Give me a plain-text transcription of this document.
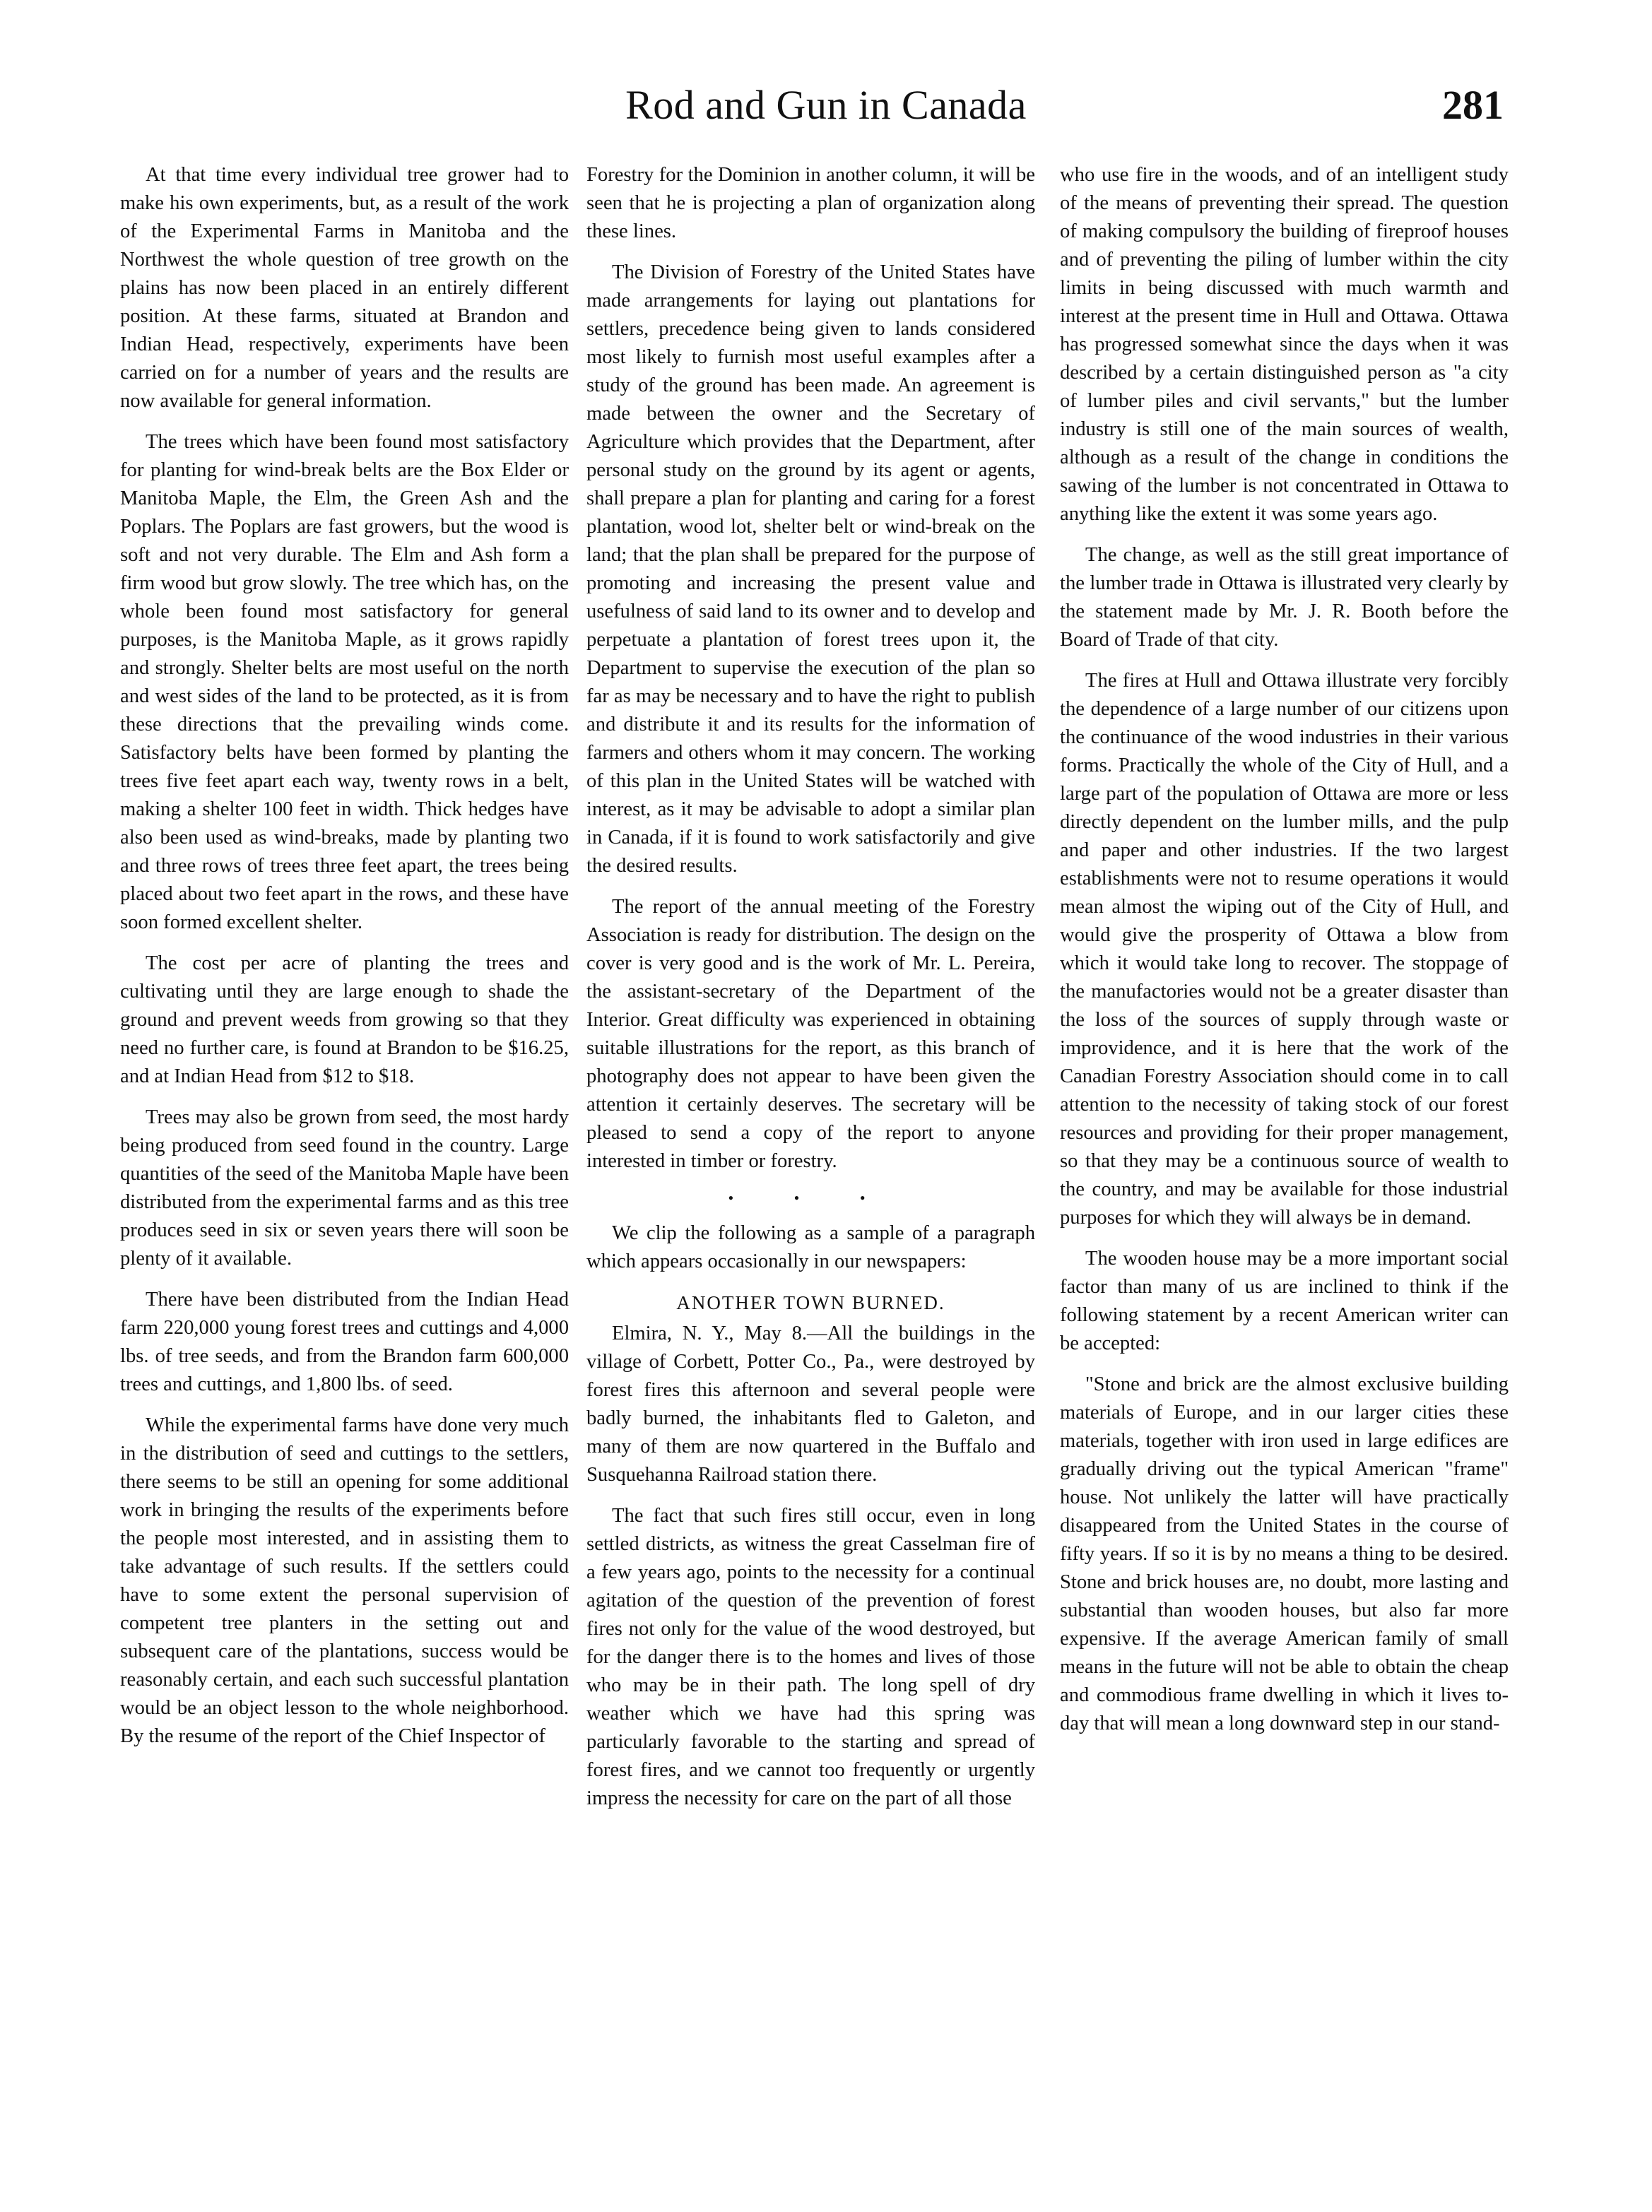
Rod and Gun in Canada	281

At that time every individual tree grower had to make his own experiments, but, as a result of the work of the Experimental Farms in Manitoba and the Northwest the whole question of tree growth on the plains has now been placed in an entirely different position. At these farms, situated at Brandon and Indian Head, respectively, experiments have been carried on for a number of years and the results are now available for general information.

The trees which have been found most satisfactory for planting for wind-break belts are the Box Elder or Manitoba Maple, the Elm, the Green Ash and the Poplars. The Poplars are fast growers, but the wood is soft and not very durable. The Elm and Ash form a firm wood but grow slowly. The tree which has, on the whole been found most satisfactory for general purposes, is the Manitoba Maple, as it grows rapidly and strongly. Shelter belts are most useful on the north and west sides of the land to be protected, as it is from these directions that the prevailing winds come. Satisfactory belts have been formed by planting the trees five feet apart each way, twenty rows in a belt, making a shelter 100 feet in width. Thick hedges have also been used as wind-breaks, made by planting two and three rows of trees three feet apart, the trees being placed about two feet apart in the rows, and these have soon formed excellent shelter.

The cost per acre of planting the trees and cultivating until they are large enough to shade the ground and prevent weeds from growing so that they need no further care, is found at Brandon to be $16.25, and at Indian Head from $12 to $18.

Trees may also be grown from seed, the most hardy being produced from seed found in the country. Large quantities of the seed of the Manitoba Maple have been distributed from the experimental farms and as this tree produces seed in six or seven years there will soon be plenty of it available.

There have been distributed from the Indian Head farm 220,000 young forest trees and cuttings and 4,000 lbs. of tree seeds, and from the Brandon farm 600,000 trees and cuttings, and 1,800 lbs. of seed.

While the experimental farms have done very much in the distribution of seed and cuttings to the settlers, there seems to be still an opening for some additional work in bringing the results of the experiments before the people most interested, and in assisting them to take advantage of such results. If the settlers could have to some extent the personal supervision of competent tree planters in the setting out and subsequent care of the plantations, success would be reasonably certain, and each such successful plantation would be an object lesson to the whole neighborhood. By the resume of the report of the Chief Inspector of

Forestry for the Dominion in another column, it will be seen that he is projecting a plan of organization along these lines.

The Division of Forestry of the United States have made arrangements for laying out plantations for settlers, precedence being given to lands considered most likely to furnish most useful examples after a study of the ground has been made. An agreement is made between the owner and the Secretary of Agriculture which provides that the Department, after personal study on the ground by its agent or agents, shall prepare a plan for planting and caring for a forest plantation, wood lot, shelter belt or wind-break on the land; that the plan shall be prepared for the purpose of promoting and increasing the present value and usefulness of said land to its owner and to develop and perpetuate a plantation of forest trees upon it, the Department to supervise the execution of the plan so far as may be necessary and to have the right to publish and distribute it and its results for the information of farmers and others whom it may concern. The working of this plan in the United States will be watched with interest, as it may be advisable to adopt a similar plan in Canada, if it is found to work satisfactorily and give the desired results.

The report of the annual meeting of the Forestry Association is ready for distribution. The design on the cover is very good and is the work of Mr. L. Pereira, the assistant-secretary of the Department of the Interior. Great difficulty was experienced in obtaining suitable illustrations for the report, as this branch of photography does not appear to have been given the attention it certainly deserves. The secretary will be pleased to send a copy of the report to anyone interested in timber or forestry.

• • •

We clip the following as a sample of a paragraph which appears occasionally in our newspapers:

ANOTHER TOWN BURNED.

Elmira, N. Y., May 8.—All the buildings in the village of Corbett, Potter Co., Pa., were destroyed by forest fires this afternoon and several people were badly burned, the inhabitants fled to Galeton, and many of them are now quartered in the Buffalo and Susquehanna Railroad station there.

The fact that such fires still occur, even in long settled districts, as witness the great Casselman fire of a few years ago, points to the necessity for a continual agitation of the question of the prevention of forest fires not only for the value of the wood destroyed, but for the danger there is to the homes and lives of those who may be in their path. The long spell of dry weather which we have had this spring was particularly favorable to the starting and spread of forest fires, and we cannot too frequently or urgently impress the necessity for care on the part of all those

who use fire in the woods, and of an intelligent study of the means of preventing their spread. The question of making compulsory the building of fireproof houses and of preventing the piling of lumber within the city limits in being discussed with much warmth and interest at the present time in Hull and Ottawa. Ottawa has progressed somewhat since the days when it was described by a certain distinguished person as "a city of lumber piles and civil servants," but the lumber industry is still one of the main sources of wealth, although as a result of the change in conditions the sawing of the lumber is not concentrated in Ottawa to anything like the extent it was some years ago.

The change, as well as the still great importance of the lumber trade in Ottawa is illustrated very clearly by the statement made by Mr. J. R. Booth before the Board of Trade of that city.

The fires at Hull and Ottawa illustrate very forcibly the dependence of a large number of our citizens upon the continuance of the wood industries in their various forms. Practically the whole of the City of Hull, and a large part of the population of Ottawa are more or less directly dependent on the lumber mills, and the pulp and paper and other industries. If the two largest establishments were not to resume operations it would mean almost the wiping out of the City of Hull, and would give the prosperity of Ottawa a blow from which it would take long to recover. The stoppage of the manufactories would not be a greater disaster than the loss of the sources of supply through waste or improvidence, and it is here that the work of the Canadian Forestry Association should come in to call attention to the necessity of taking stock of our forest resources and providing for their proper management, so that they may be a continuous source of wealth to the country, and may be available for those industrial purposes for which they will always be in demand.

The wooden house may be a more important social factor than many of us are inclined to think if the following statement by a recent American writer can be accepted:

"Stone and brick are the almost exclusive building materials of Europe, and in our larger cities these materials, together with iron used in large edifices are gradually driving out the typical American "frame" house. Not unlikely the latter will have practically disappeared from the United States in the course of fifty years. If so it is by no means a thing to be desired. Stone and brick houses are, no doubt, more lasting and substantial than wooden houses, but also far more expensive. If the average American family of small means in the future will not be able to obtain the cheap and commodious frame dwelling in which it lives to-day that will mean a long downward step in our stand-
